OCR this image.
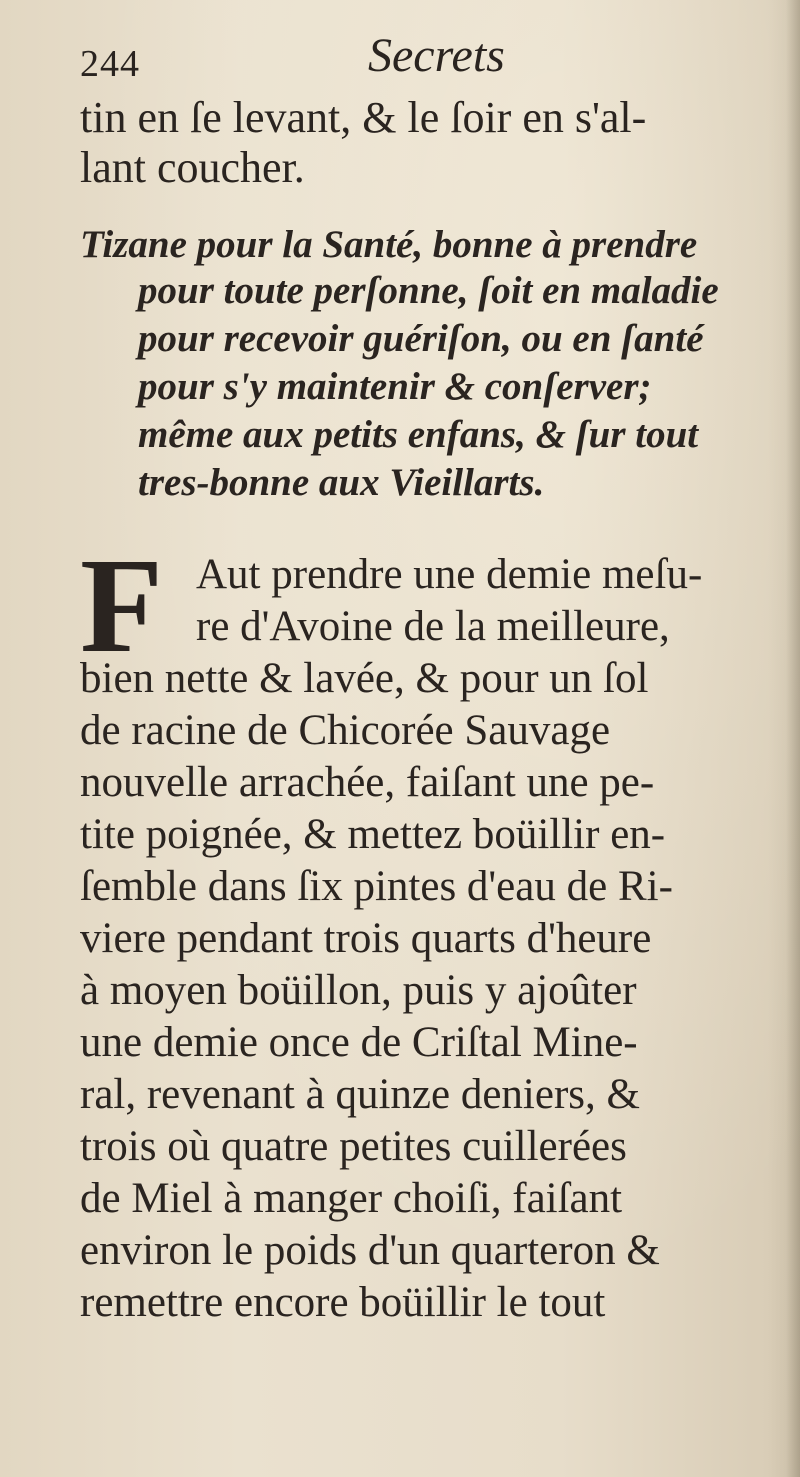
244	Secrets
tin en ſe levant, & le ſoir en s'al-
lant coucher.
Tizane pour la Santé, bonne à prendre
pour toute perſonne, ſoit en maladie
pour recevoir guériſon, ou en ſanté
pour s'y maintenir & conſerver;
même aux petits enfans, & ſur tout
tres-bonne aux Vieillarts.
F Aut prendre une demie meſu-
re d'Avoine de la meilleure,
bien nette & lavée, & pour un ſol
de racine de Chicorée Sauvage
nouvelle arrachée, faiſant une pe-
tite poignée, & mettez boüillir en-
ſemble dans ſix pintes d'eau de Ri-
viere pendant trois quarts d'heure
à moyen boüillon, puis y ajoûter
une demie once de Criſtal Mine-
ral, revenant à quinze deniers, &
trois où quatre petites cuillerées
de Miel à manger choiſi, faiſant
environ le poids d'un quarteron &
remettre encore boüillir le tout
